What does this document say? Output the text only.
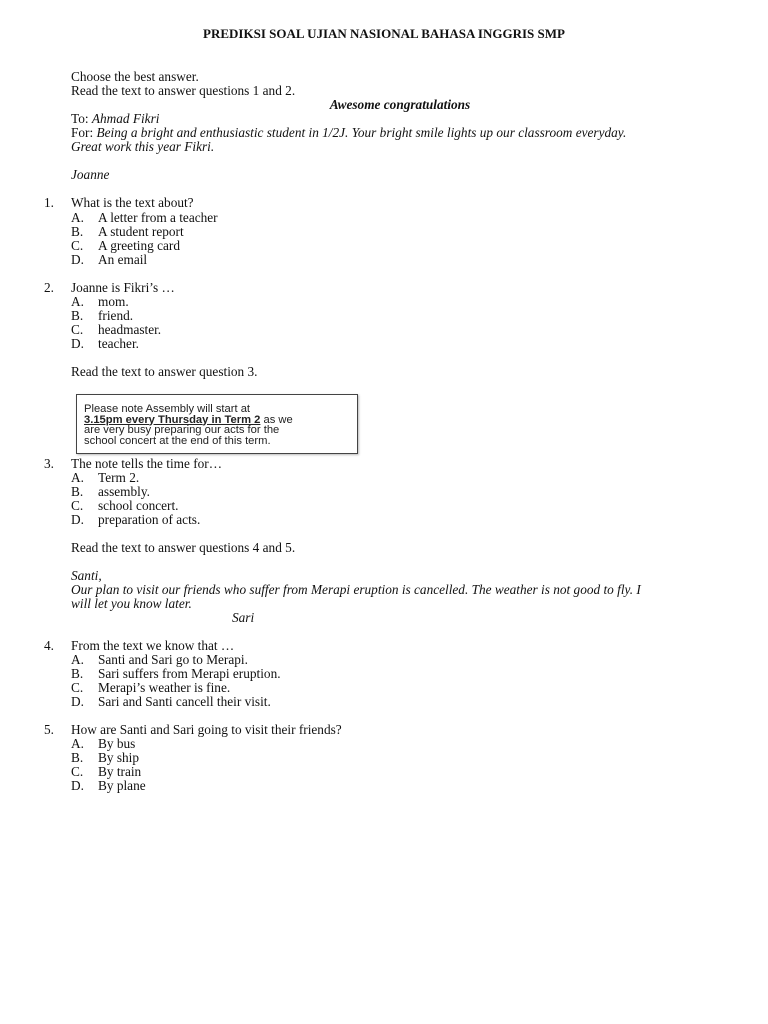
PREDIKSI SOAL UJIAN NASIONAL BAHASA INGGRIS SMP
Choose the best answer.
Read the text to answer questions 1 and 2.
Awesome congratulations
To: Ahmad Fikri
For: Being a bright and enthusiastic student in 1/2J. Your bright smile lights up our classroom everyday.
Great work this year Fikri.
Joanne
1.	What is the text about?
A. A letter from a teacher
B. A student report
C. A greeting card
D. An email
2.	Joanne is Fikri’s …
A. mom.
B. friend.
C. headmaster.
D. teacher.
Read the text to answer question 3.
Please note Assembly will start at
3.15pm every Thursday in Term 2 as we
are very busy preparing our acts for the
school concert at the end of this term.
3.	The note tells the time for…
A. Term 2.
B. assembly.
C. school concert.
D. preparation of acts.
Read the text to answer questions 4 and 5.
Santi,
Our plan to visit our friends who suffer from Merapi eruption is cancelled. The weather is not good to fly. I
will let you know later.
Sari
4.	From the text we know that …
A. Santi and Sari go to Merapi.
B. Sari suffers from Merapi eruption.
C. Merapi’s weather is fine.
D. Sari and Santi cancell their visit.
5.	How are Santi and Sari going to visit their friends?
A. By bus
B. By ship
C. By train
D. By plane
